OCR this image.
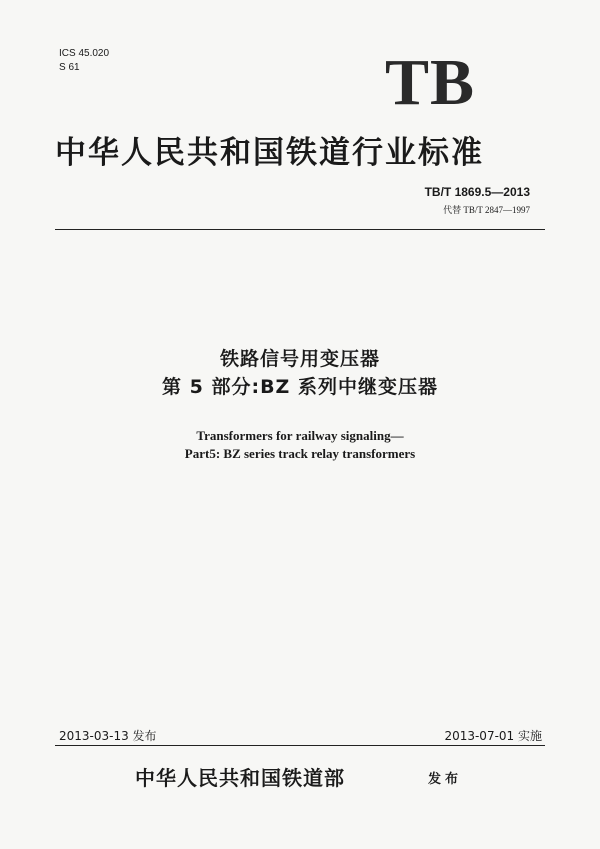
ICS 45.020
S 61	TB
中华人民共和国铁道行业标准
TB/T 1869.5—2013
代替 TB/T 2847—1997
铁路信号用变压器
第 5 部分:BZ 系列中继变压器
Transformers for railway signaling—
Part5: BZ series track relay transformers
2013-03-13 发布	2013-07-01 实施
中华人民共和国铁道部	发布
